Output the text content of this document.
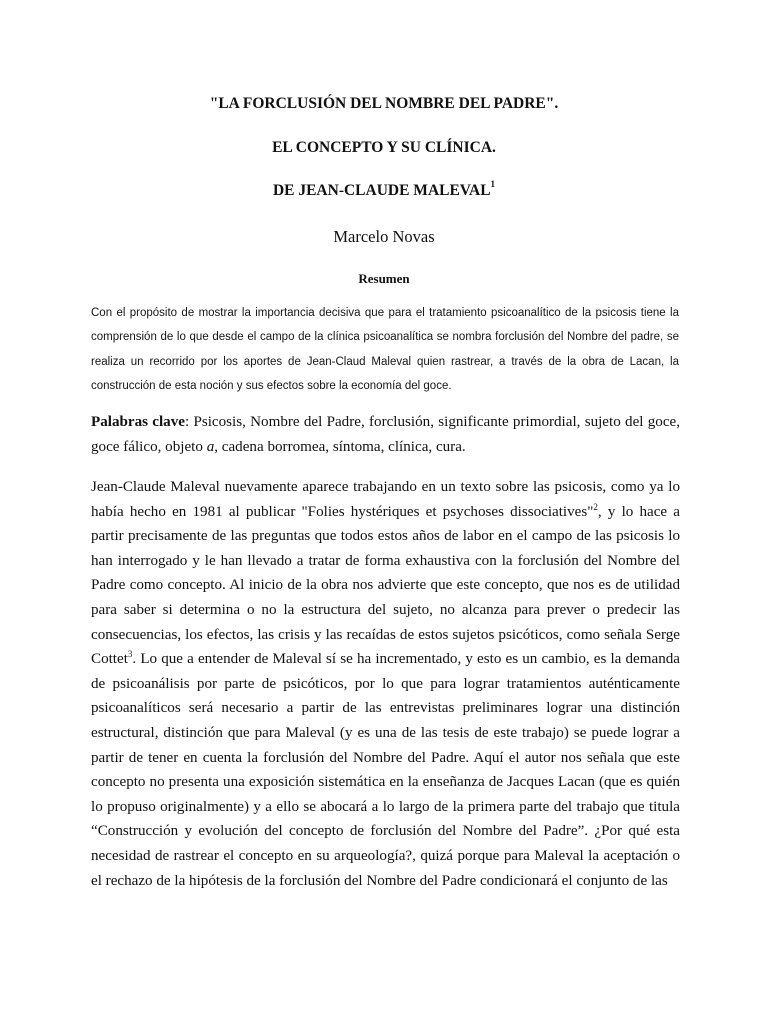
"LA FORCLUSIÓN DEL NOMBRE DEL PADRE".
EL CONCEPTO Y SU CLÍNICA.
DE JEAN-CLAUDE MALEVAL$^1$

Marcelo Novas

Resumen

Con el propósito de mostrar la importancia decisiva que para el tratamiento psicoanalítico de la psicosis tiene la comprensión de lo que desde el campo de la clínica psicoanalítica se nombra forclusión del Nombre del padre, se realiza un recorrido por los aportes de Jean-Claud Maleval quien rastrear, a través de la obra de Lacan, la construcción de esta noción y sus efectos sobre la economía del goce.

Palabras clave: Psicosis, Nombre del Padre, forclusión, significante primordial, sujeto del goce, goce fálico, objeto a, cadena borromea, síntoma, clínica, cura.

Jean-Claude Maleval nuevamente aparece trabajando en un texto sobre las psicosis, como ya lo había hecho en 1981 al publicar "Folies hystériques et psychoses dissociatives"$^2$, y lo hace a partir precisamente de las preguntas que todos estos años de labor en el campo de las psicosis lo han interrogado y le han llevado a tratar de forma exhaustiva con la forclusión del Nombre del Padre como concepto. Al inicio de la obra nos advierte que este concepto, que nos es de utilidad para saber si determina o no la estructura del sujeto, no alcanza para prever o predecir las consecuencias, los efectos, las crisis y las recaídas de estos sujetos psicóticos, como señala Serge Cottet$^3$. Lo que a entender de Maleval sí se ha incrementado, y esto es un cambio, es la demanda de psicoanálisis por parte de psicóticos, por lo que para lograr tratamientos auténticamente psicoanalíticos será necesario a partir de las entrevistas preliminares lograr una distinción estructural, distinción que para Maleval (y es una de las tesis de este trabajo) se puede lograr a partir de tener en cuenta la forclusión del Nombre del Padre. Aquí el autor nos señala que este concepto no presenta una exposición sistemática en la enseñanza de Jacques Lacan (que es quién lo propuso originalmente) y a ello se abocará a lo largo de la primera parte del trabajo que titula “Construcción y evolución del concepto de forclusión del Nombre del Padre”. ¿Por qué esta necesidad de rastrear el concepto en su arqueología?, quizá porque para Maleval la aceptación o el rechazo de la hipótesis de la forclusión del Nombre del Padre condicionará el conjunto de las
